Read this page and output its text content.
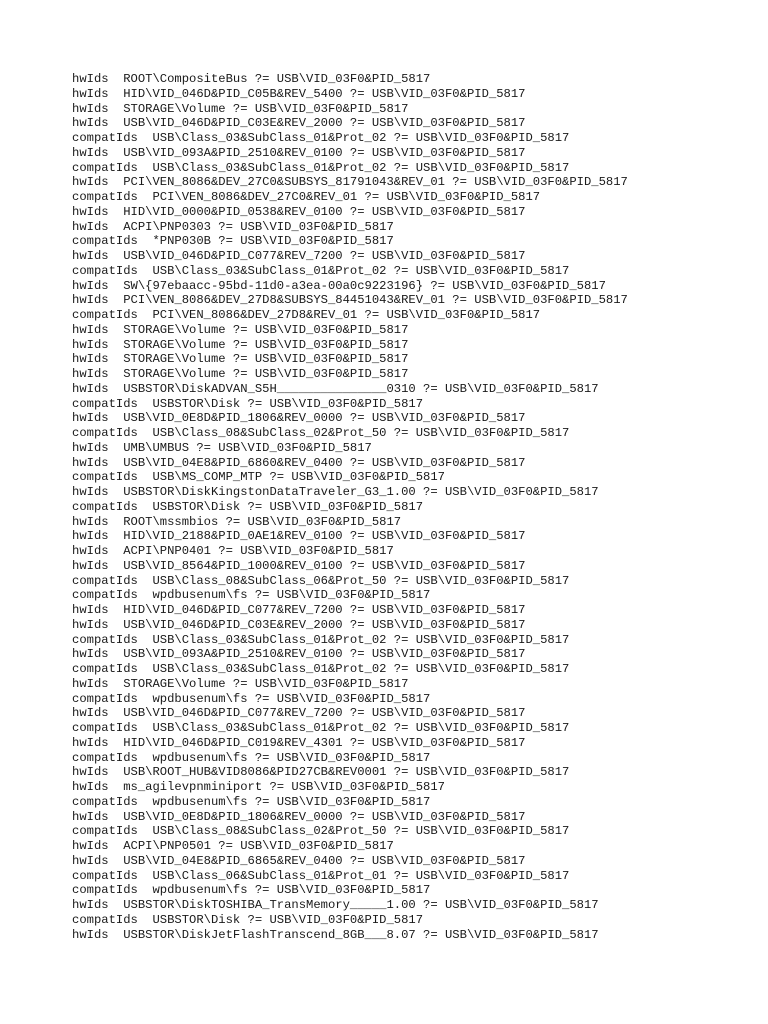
hwIds  ROOT\CompositeBus ?= USB\VID_03F0&PID_5817
hwIds  HID\VID_046D&PID_C05B&REV_5400 ?= USB\VID_03F0&PID_5817
hwIds  STORAGE\Volume ?= USB\VID_03F0&PID_5817
hwIds  USB\VID_046D&PID_C03E&REV_2000 ?= USB\VID_03F0&PID_5817
compatIds  USB\Class_03&SubClass_01&Prot_02 ?= USB\VID_03F0&PID_5817
hwIds  USB\VID_093A&PID_2510&REV_0100 ?= USB\VID_03F0&PID_5817
compatIds  USB\Class_03&SubClass_01&Prot_02 ?= USB\VID_03F0&PID_5817
hwIds  PCI\VEN_8086&DEV_27C0&SUBSYS_81791043&REV_01 ?= USB\VID_03F0&PID_5817
compatIds  PCI\VEN_8086&DEV_27C0&REV_01 ?= USB\VID_03F0&PID_5817
hwIds  HID\VID_0000&PID_0538&REV_0100 ?= USB\VID_03F0&PID_5817
hwIds  ACPI\PNP0303 ?= USB\VID_03F0&PID_5817
compatIds  *PNP030B ?= USB\VID_03F0&PID_5817
hwIds  USB\VID_046D&PID_C077&REV_7200 ?= USB\VID_03F0&PID_5817
compatIds  USB\Class_03&SubClass_01&Prot_02 ?= USB\VID_03F0&PID_5817
hwIds  SW\{97ebaacc-95bd-11d0-a3ea-00a0c9223196} ?= USB\VID_03F0&PID_5817
hwIds  PCI\VEN_8086&DEV_27D8&SUBSYS_84451043&REV_01 ?= USB\VID_03F0&PID_5817
compatIds  PCI\VEN_8086&DEV_27D8&REV_01 ?= USB\VID_03F0&PID_5817
hwIds  STORAGE\Volume ?= USB\VID_03F0&PID_5817
hwIds  STORAGE\Volume ?= USB\VID_03F0&PID_5817
hwIds  STORAGE\Volume ?= USB\VID_03F0&PID_5817
hwIds  STORAGE\Volume ?= USB\VID_03F0&PID_5817
hwIds  USBSTOR\DiskADVAN_S5H_______________0310 ?= USB\VID_03F0&PID_5817
compatIds  USBSTOR\Disk ?= USB\VID_03F0&PID_5817
hwIds  USB\VID_0E8D&PID_1806&REV_0000 ?= USB\VID_03F0&PID_5817
compatIds  USB\Class_08&SubClass_02&Prot_50 ?= USB\VID_03F0&PID_5817
hwIds  UMB\UMBUS ?= USB\VID_03F0&PID_5817
hwIds  USB\VID_04E8&PID_6860&REV_0400 ?= USB\VID_03F0&PID_5817
compatIds  USB\MS_COMP_MTP ?= USB\VID_03F0&PID_5817
hwIds  USBSTOR\DiskKingstonDataTraveler_G3_1.00 ?= USB\VID_03F0&PID_5817
compatIds  USBSTOR\Disk ?= USB\VID_03F0&PID_5817
hwIds  ROOT\mssmbios ?= USB\VID_03F0&PID_5817
hwIds  HID\VID_2188&PID_0AE1&REV_0100 ?= USB\VID_03F0&PID_5817
hwIds  ACPI\PNP0401 ?= USB\VID_03F0&PID_5817
hwIds  USB\VID_8564&PID_1000&REV_0100 ?= USB\VID_03F0&PID_5817
compatIds  USB\Class_08&SubClass_06&Prot_50 ?= USB\VID_03F0&PID_5817
compatIds  wpdbusenum\fs ?= USB\VID_03F0&PID_5817
hwIds  HID\VID_046D&PID_C077&REV_7200 ?= USB\VID_03F0&PID_5817
hwIds  USB\VID_046D&PID_C03E&REV_2000 ?= USB\VID_03F0&PID_5817
compatIds  USB\Class_03&SubClass_01&Prot_02 ?= USB\VID_03F0&PID_5817
hwIds  USB\VID_093A&PID_2510&REV_0100 ?= USB\VID_03F0&PID_5817
compatIds  USB\Class_03&SubClass_01&Prot_02 ?= USB\VID_03F0&PID_5817
hwIds  STORAGE\Volume ?= USB\VID_03F0&PID_5817
compatIds  wpdbusenum\fs ?= USB\VID_03F0&PID_5817
hwIds  USB\VID_046D&PID_C077&REV_7200 ?= USB\VID_03F0&PID_5817
compatIds  USB\Class_03&SubClass_01&Prot_02 ?= USB\VID_03F0&PID_5817
hwIds  HID\VID_046D&PID_C019&REV_4301 ?= USB\VID_03F0&PID_5817
compatIds  wpdbusenum\fs ?= USB\VID_03F0&PID_5817
hwIds  USB\ROOT_HUB&VID8086&PID27CB&REV0001 ?= USB\VID_03F0&PID_5817
hwIds  ms_agilevpnminiport ?= USB\VID_03F0&PID_5817
compatIds  wpdbusenum\fs ?= USB\VID_03F0&PID_5817
hwIds  USB\VID_0E8D&PID_1806&REV_0000 ?= USB\VID_03F0&PID_5817
compatIds  USB\Class_08&SubClass_02&Prot_50 ?= USB\VID_03F0&PID_5817
hwIds  ACPI\PNP0501 ?= USB\VID_03F0&PID_5817
hwIds  USB\VID_04E8&PID_6865&REV_0400 ?= USB\VID_03F0&PID_5817
compatIds  USB\Class_06&SubClass_01&Prot_01 ?= USB\VID_03F0&PID_5817
compatIds  wpdbusenum\fs ?= USB\VID_03F0&PID_5817
hwIds  USBSTOR\DiskTOSHIBA_TransMemory_____1.00 ?= USB\VID_03F0&PID_5817
compatIds  USBSTOR\Disk ?= USB\VID_03F0&PID_5817
hwIds  USBSTOR\DiskJetFlashTranscend_8GB___8.07 ?= USB\VID_03F0&PID_5817
